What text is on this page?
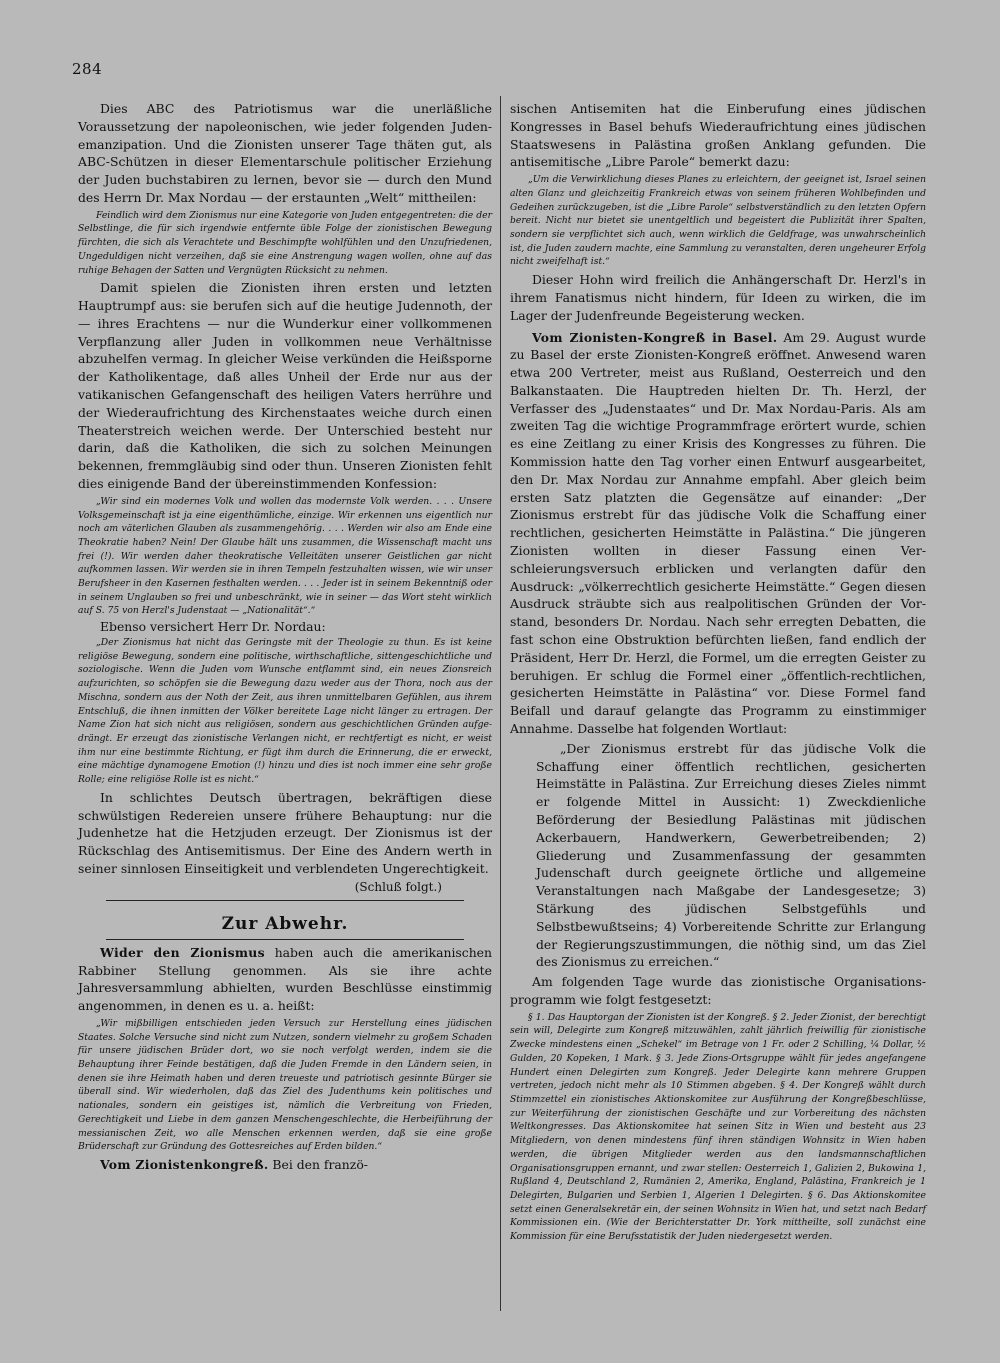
284

Dies ABC des Patriotismus war die unerläßliche Voraussetzung der napoleonischen, wie jeder folgenden Judenemanzipation. Und die Zionisten unserer Tage thäten gut, als ABC-Schützen in dieser Elementarschule politischer Erziehung der Juden buchstabiren zu lernen, bevor sie — durch den Mund des Herrn Dr. Max Nordau — der erstaunten „Welt“ mittheilen:

Feindlich wird dem Zionismus nur eine Kategorie von Juden entgegentreten: die der Selbstlinge, die für sich irgendwie entfernte üble Folge der zionistischen Bewegung fürchten, die sich als Verachtete und Beschimpfte wohlfühlen und den Unzufriedenen, Ungeduldigen nicht verzeihen, daß sie eine Anstrengung wagen wollen, ohne auf das ruhige Behagen der Satten und Vergnügten Rücksicht zu nehmen.

Damit spielen die Zionisten ihren ersten und letzten Hauptrumpf aus: sie berufen sich auf die heutige Judennoth, der — ihres Erachtens — nur die Wunderkur einer vollkommenen Verpflanzung aller Juden in vollkommen neue Verhältnisse abzuhelfen vermag. In gleicher Weise verkünden die Heißsporne der Katholikentage, daß alles Unheil der Erde nur aus der vatikanischen Gefangenschaft des heiligen Vaters herrühre und der Wiederaufrichtung des Kirchenstaates weiche durch einen Theaterstreich weichen werde. Der Unterschied besteht nur darin, daß die Katholiken, die sich zu solchen Meinungen bekennen, fremmgläubig sind oder thun. Unseren Zionisten fehlt dies einigende Band der übereinstimmenden Konfession:

„Wir sind ein modernes Volk und wollen das modernste Volk werden. . . . Unsere Volksgemeinschaft ist ja eine eigenthümliche, einzige. Wir erkennen uns eigentlich nur noch am väterlichen Glauben als zusammengehörig. . . . Werden wir also am Ende eine Theokratie haben? Nein! Der Glaube hält uns zusammen, die Wissenschaft macht uns frei (!). Wir werden daher theokratische Velleitäten unserer Geistlichen gar nicht aufkommen lassen. Wir werden sie in ihren Tempeln festzuhalten wissen, wie wir unser Berufsheer in den Kasernen festhalten werden. . . . Jeder ist in seinem Bekenntniß oder in seinem Unglauben so frei und unbeschränkt, wie in seiner — das Wort steht wirklich auf S. 75 von Herzl's Judenstaat — „Nationalität“.“

Ebenso versichert Herr Dr. Nordau:

„Der Zionismus hat nicht das Geringste mit der Theologie zu thun. Es ist keine religiöse Bewegung, sondern eine politische, wirthschaftliche, sittengeschichtliche und soziologische. Wenn die Juden vom Wunsche entflammt sind, ein neues Zionsreich aufzurichten, so schöpfen sie die Bewegung dazu weder aus der Thora, noch aus der Mischna, sondern aus der Noth der Zeit, aus ihren unmittelbaren Gefühlen, aus ihrem Entschluß, die ihnen inmitten der Völker bereitete Lage nicht länger zu ertragen. Der Name Zion hat sich nicht aus religiösen, sondern aus geschichtlichen Gründen aufgedrängt. Er erzeugt das zionistische Verlangen nicht, er rechtfertigt es nicht, er weist ihm nur eine bestimmte Richtung, er fügt ihm durch die Erinnerung, die er erweckt, eine mächtige dynamogene Emotion (!) hinzu und dies ist noch immer eine sehr große Rolle; eine religiöse Rolle ist es nicht.“

In schlichtes Deutsch übertragen, bekräftigen diese schwülstigen Redereien unsere frühere Behauptung: nur die Judenhetze hat die Hetzjuden erzeugt. Der Zionismus ist der Rückschlag des Antisemitismus. Der Eine des Andern werth in seiner sinnlosen Einseitigkeit und verblendeten Ungerechtigkeit.

(Schluß folgt.)

Zur Abwehr.

Wider den Zionismus haben auch die amerikanischen Rabbiner Stellung genommen. Als sie ihre achte Jahresversammlung abhielten, wurden Beschlüsse einstimmig angenommen, in denen es u. a. heißt:

„Wir mißbilligen entschieden jeden Versuch zur Herstellung eines jüdischen Staates. Solche Versuche sind nicht zum Nutzen, sondern vielmehr zu großem Schaden für unsere jüdischen Brüder dort, wo sie noch verfolgt werden, indem sie die Behauptung ihrer Feinde bestätigen, daß die Juden Fremde in den Ländern seien, in denen sie ihre Heimath haben und deren treueste und patriotisch gesinnte Bürger sie überall sind. Wir wiederholen, daß das Ziel des Judenthums kein politisches und nationales, sondern ein geistiges ist, nämlich die Verbreitung von Frieden, Gerechtigkeit und Liebe in dem ganzen Menschengeschlechte, die Herbeiführung der messianischen Zeit, wo alle Menschen erkennen werden, daß sie eine große Brüderschaft zur Gründung des Gottesreiches auf Erden bilden.“

Vom Zionistenkongreß. Bei den franzö-

sischen Antisemiten hat die Einberufung eines jüdischen Kongresses in Basel behufs Wiederaufrichtung eines jüdischen Staatswesens in Palästina großen Anklang gefunden. Die antisemitische „Libre Parole“ bemerkt dazu:

„Um die Verwirklichung dieses Planes zu erleichtern, der geeignet ist, Israel seinen alten Glanz und gleichzeitig Frankreich etwas von seinem früheren Wohlbefinden und Gedeihen zurückzugeben, ist die „Libre Parole“ selbstverständlich zu den letzten Opfern bereit. Nicht nur bietet sie unentgeltlich und begeistert die Publizität ihrer Spalten, sondern sie verpflichtet sich auch, wenn wirklich die Geldfrage, was unwahrscheinlich ist, die Juden zaudern machte, eine Sammlung zu veranstalten, deren ungeheurer Erfolg nicht zweifelhaft ist.“

Dieser Hohn wird freilich die Anhängerschaft Dr. Herzl's in ihrem Fanatismus nicht hindern, für Ideen zu wirken, die im Lager der Judenfreunde Begeisterung wecken.

Vom Zionisten-Kongreß in Basel. Am 29. August wurde zu Basel der erste Zionisten-Kongreß eröffnet. Anwesend waren etwa 200 Vertreter, meist aus Rußland, Oesterreich und den Balkanstaaten. Die Hauptreden hielten Dr. Th. Herzl, der Verfasser des „Judenstaates“ und Dr. Max Nordau-Paris. Als am zweiten Tag die wichtige Programmfrage erörtert wurde, schien es eine Zeitlang zu einer Krisis des Kongresses zu führen. Die Kommission hatte den Tag vorher einen Entwurf ausgearbeitet, den Dr. Max Nordau zur Annahme empfahl. Aber gleich beim ersten Satz platzten die Gegensätze auf einander: „Der Zionismus erstrebt für das jüdische Volk die Schaffung einer rechtlichen, gesicherten Heimstätte in Palästina.“ Die jüngeren Zionisten wollten in dieser Fassung einen Verschleierungsversuch erblicken und verlangten dafür den Ausdruck: „völkerrechtlich gesicherte Heimstätte.“ Gegen diesen Ausdruck sträubte sich aus realpolitischen Gründen der Vorstand, besonders Dr. Nordau. Nach sehr erregten Debatten, die fast schon eine Obstruktion befürchten ließen, fand endlich der Präsident, Herr Dr. Herzl, die Formel, um die erregten Geister zu beruhigen. Er schlug die Formel einer „öffentlich-rechtlichen, gesicherten Heimstätte in Palästina“ vor. Diese Formel fand Beifall und darauf gelangte das Programm zu einstimmiger Annahme. Dasselbe hat folgenden Wortlaut:

„Der Zionismus erstrebt für das jüdische Volk die Schaffung einer öffentlich rechtlichen, gesicherten Heimstätte in Palästina. Zur Erreichung dieses Zieles nimmt er folgende Mittel in Aussicht: 1) Zweckdienliche Beförderung der Besiedlung Palästinas mit jüdischen Ackerbauern, Handwerkern, Gewerbetreibenden; 2) Gliederung und Zusammenfassung der gesammten Judenschaft durch geeignete örtliche und allgemeine Veranstaltungen nach Maßgabe der Landesgesetze; 3) Stärkung des jüdischen Selbstgefühls und Selbstbewußtseins; 4) Vorbereitende Schritte zur Erlangung der Regierungszustimmungen, die nöthig sind, um das Ziel des Zionismus zu erreichen.“

Am folgenden Tage wurde das zionistische Organisationsprogramm wie folgt festgesetzt:

§ 1. Das Hauptorgan der Zionisten ist der Kongreß. § 2. Jeder Zionist, der berechtigt sein will, Delegirte zum Kongreß mitzuwählen, zahlt jährlich freiwillig für zionistische Zwecke mindestens einen „Schekel“ im Betrage von 1 Fr. oder 2 Schilling, ¼ Dollar, ½ Gulden, 20 Kopeken, 1 Mark. § 3. Jede Zions-Ortsgruppe wählt für jedes angefangene Hundert einen Delegirten zum Kongreß. Jeder Delegirte kann mehrere Gruppen vertreten, jedoch nicht mehr als 10 Stimmen abgeben. § 4. Der Kongreß wählt durch Stimmzettel ein zionistisches Aktionskomitee zur Ausführung der Kongreßbeschlüsse, zur Weiterführung der zionistischen Geschäfte und zur Vorbereitung des nächsten Weltkongresses. Das Aktionskomitee hat seinen Sitz in Wien und besteht aus 23 Mitgliedern, von denen mindestens fünf ihren ständigen Wohnsitz in Wien haben werden, die übrigen Mitglieder werden aus den landsmannschaftlichen Organisationsgruppen ernannt, und zwar stellen: Oesterreich 1, Galizien 2, Bukowina 1, Rußland 4, Deutschland 2, Rumänien 2, Amerika, England, Palästina, Frankreich je 1 Delegirten, Bulgarien und Serbien 1, Algerien 1 Delegirten. § 6. Das Aktionskomitee setzt einen Generalsekretär ein, der seinen Wohnsitz in Wien hat, und setzt nach Bedarf Kommissionen ein. (Wie der Berichterstatter Dr. York mittheilte, soll zunächst eine Kommission für eine Berufsstatistik der Juden niedergesetzt werden.
